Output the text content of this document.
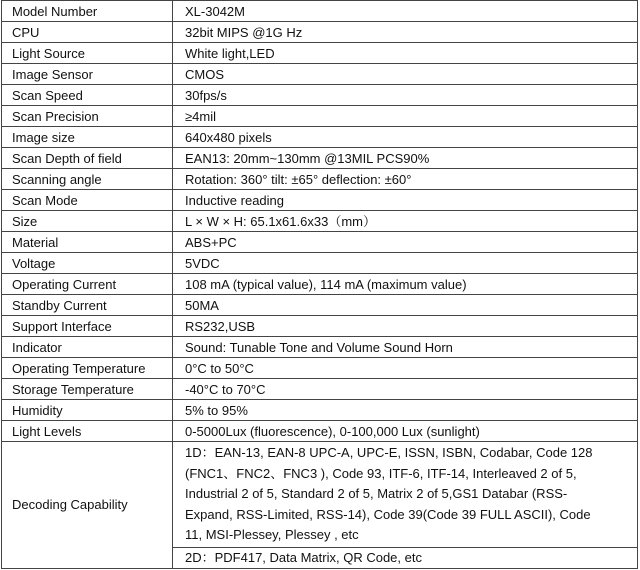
Model Number	XL-3042M
CPU	32bit MIPS @1G Hz
Light Source	White light,LED
Image Sensor	CMOS
Scan Speed	30fps/s
Scan Precision	≥4mil
Image size	640x480 pixels
Scan Depth of field	EAN13: 20mm~130mm @13MIL PCS90%
Scanning angle	Rotation: 360° tilt: ±65° deflection: ±60°
Scan Mode	Inductive reading
Size	L × W × H: 65.1x61.6x33（mm）
Material	ABS+PC
Voltage	5VDC
Operating Current	108 mA (typical value), 114 mA (maximum value)
Standby Current	50MA
Support Interface	RS232,USB
Indicator	Sound: Tunable Tone and Volume Sound Horn
Operating Temperature	0°C to 50°C
Storage Temperature	-40°C to 70°C
Humidity	5% to 95%
Light Levels	0-5000Lux (fluorescence), 0-100,000 Lux (sunlight)
Decoding Capability	1D：EAN-13, EAN-8 UPC-A, UPC-E, ISSN, ISBN, Codabar, Code 128
(FNC1、FNC2、FNC3 ), Code 93, ITF-6, ITF-14, Interleaved 2 of 5,
Industrial 2 of 5, Standard 2 of 5, Matrix 2 of 5,GS1 Databar (RSS-
Expand, RSS-Limited, RSS-14), Code 39(Code 39 FULL ASCII), Code
11, MSI-Plessey, Plessey , etc

	2D：PDF417, Data Matrix, QR Code, etc
